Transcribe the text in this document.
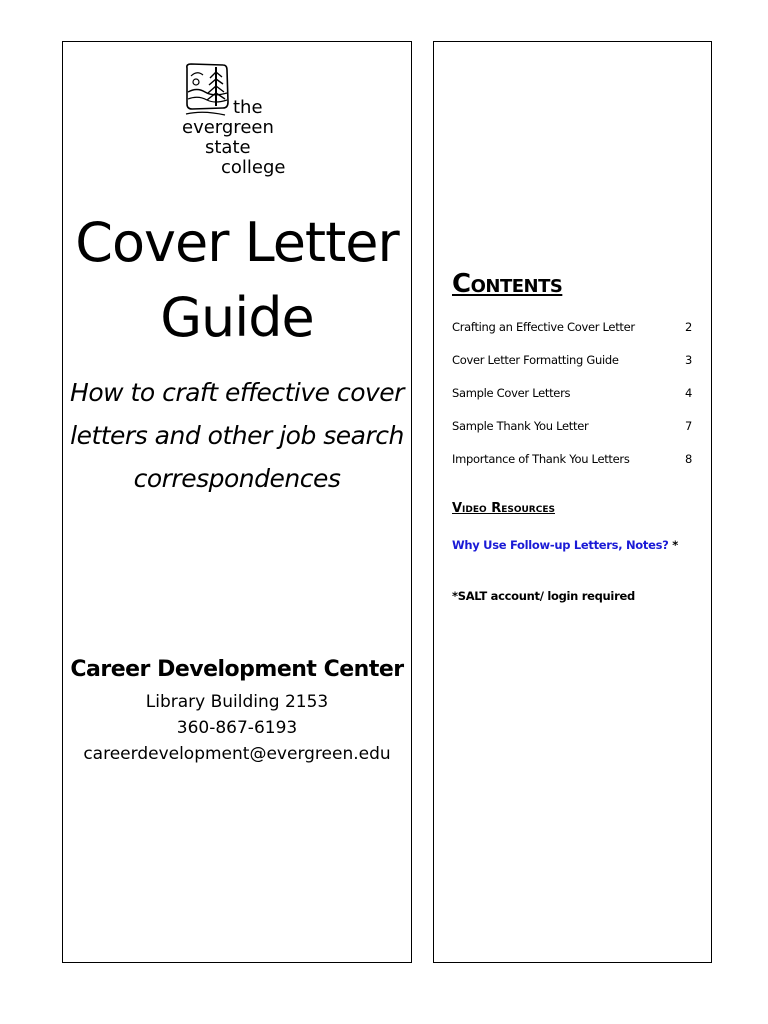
the
evergreen
state
college
Cover Letter Guide
How to craft effective cover letters and other job search correspondences
Career Development Center
Library Building 2153
360-867-6193
careerdevelopment@evergreen.edu
Contents
Crafting an Effective Cover Letter	2
Cover Letter Formatting Guide	3
Sample Cover Letters	4
Sample Thank You Letter	7
Importance of Thank You Letters	8
Video Resources
Why Use Follow-up Letters, Notes? *
*SALT account/ login required
